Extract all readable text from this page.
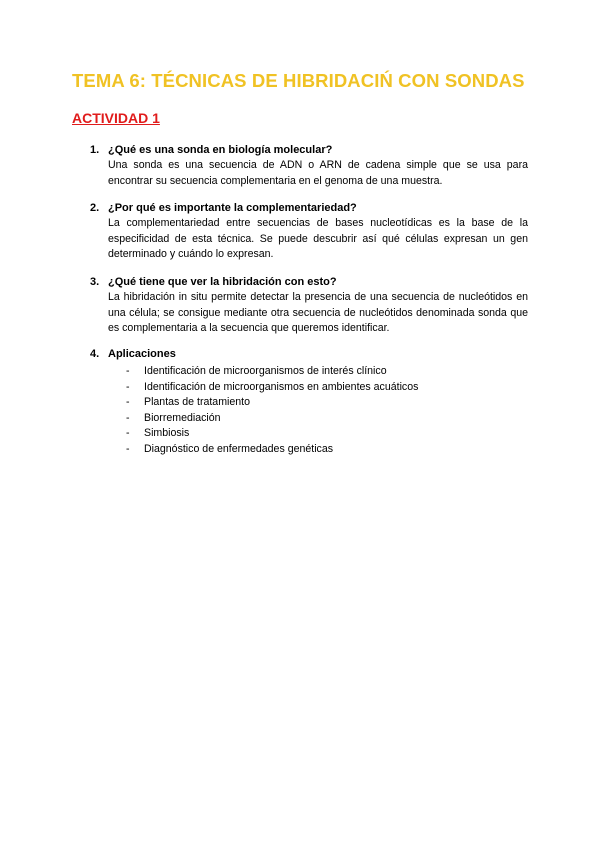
TEMA 6: TÉCNICAS DE HIBRIDACIŃ CON SONDAS
ACTIVIDAD 1
1. ¿Qué es una sonda en biología molecular?

Una sonda es una secuencia de ADN o ARN de cadena simple que se usa para encontrar su secuencia complementaria en el genoma de una muestra.

2. ¿Por qué es importante la complementariedad?

La complementariedad entre secuencias de bases nucleotídicas es la base de la especificidad de esta técnica. Se puede descubrir así qué células expresan un gen determinado y cuándo lo expresan.

3. ¿Qué tiene que ver la hibridación con esto?

La hibridación in situ permite detectar la presencia de una secuencia de nucleótidos en una célula; se consigue mediante otra secuencia de nucleótidos denominada sonda que es complementaria a la secuencia que queremos identificar.

4. Aplicaciones
- Identificación de microorganismos de interés clínico
- Identificación de microorganismos en ambientes acuáticos
- Plantas de tratamiento
- Biorremediación
- Simbiosis
- Diagnóstico de enfermedades genéticas
